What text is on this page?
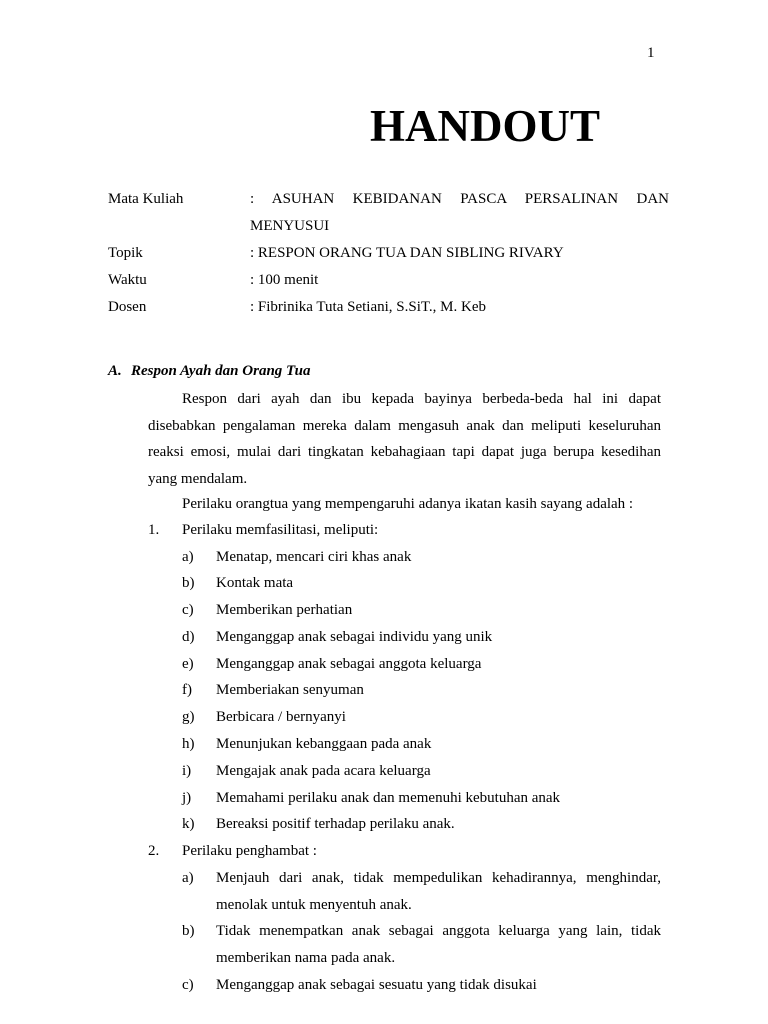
1
HANDOUT
Mata Kuliah	: ASUHAN KEBIDANAN PASCA PERSALINAN DAN
MENYUSUI
Topik	: RESPON ORANG TUA DAN SIBLING RIVARY
Waktu	: 100 menit
Dosen	: Fibrinika Tuta Setiani, S.SiT., M. Keb
A. Respon Ayah dan Orang Tua

Respon dari ayah dan ibu kepada bayinya berbeda-beda hal ini dapat disebabkan pengalaman mereka dalam mengasuh anak dan meliputi keseluruhan reaksi emosi, mulai dari tingkatan kebahagiaan tapi dapat juga berupa kesedihan yang mendalam.

Perilaku orangtua yang mempengaruhi adanya ikatan kasih sayang adalah :

1.	Perilaku memfasilitasi, meliputi:
a)	Menatap, mencari ciri khas anak
b)	Kontak mata
c)	Memberikan perhatian
d)	Menganggap anak sebagai individu yang unik
e)	Menganggap anak sebagai anggota keluarga
f)	Memberiakan senyuman
g)	Berbicara / bernyanyi
h)	Menunjukan kebanggaan pada anak
i)	Mengajak anak pada acara keluarga
j)	Memahami perilaku anak dan memenuhi kebutuhan anak
k)	Bereaksi positif terhadap perilaku anak.
2.	Perilaku penghambat :
a)	Menjauh dari anak, tidak mempedulikan kehadirannya, menghindar, menolak untuk menyentuh anak.
b)	Tidak menempatkan anak sebagai anggota keluarga yang lain, tidak memberikan nama pada anak.
c)	Menganggap anak sebagai sesuatu yang tidak disukai
